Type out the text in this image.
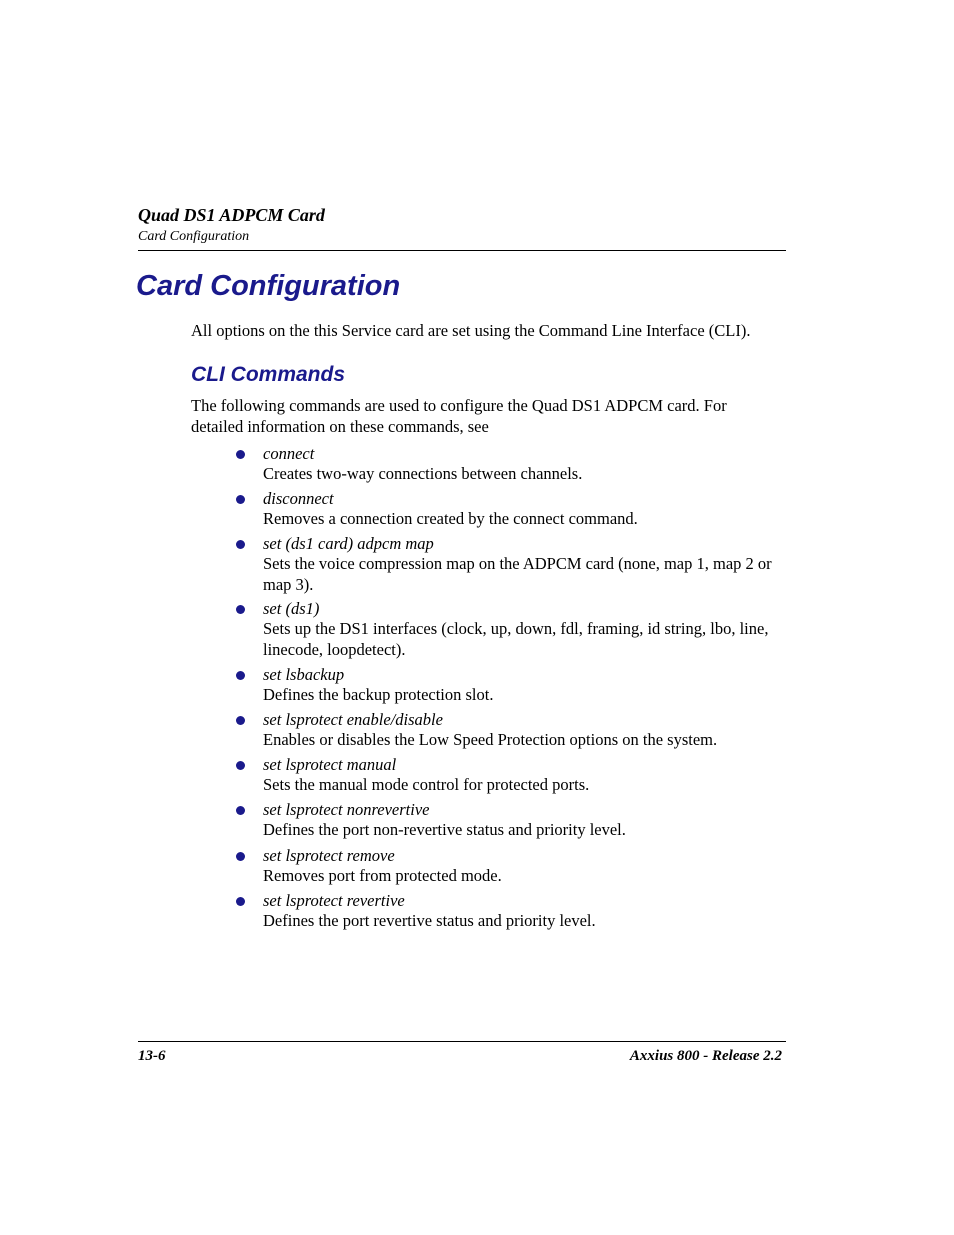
Quad DS1 ADPCM Card
Card Configuration
Card Configuration

All options on the this Service card are set using the Command Line Interface (CLI).

CLI Commands

The following commands are used to configure the Quad DS1 ADPCM card. For detailed information on these commands, see

connect
Creates two-way connections between channels.
disconnect
Removes a connection created by the connect command.
set (ds1 card) adpcm map
Sets the voice compression map on the ADPCM card (none, map 1, map 2 or map 3).
set (ds1)
Sets up the DS1 interfaces (clock, up, down, fdl, framing, id string, lbo, line, linecode, loopdetect).
set lsbackup
Defines the backup protection slot.
set lsprotect enable/disable
Enables or disables the Low Speed Protection options on the system.
set lsprotect manual
Sets the manual mode control for protected ports.
set lsprotect nonrevertive
Defines the port non-revertive status and priority level.
set lsprotect remove
Removes port from protected mode.
set lsprotect revertive
Defines the port revertive status and priority level.
13-6	Axxius 800 - Release 2.2
